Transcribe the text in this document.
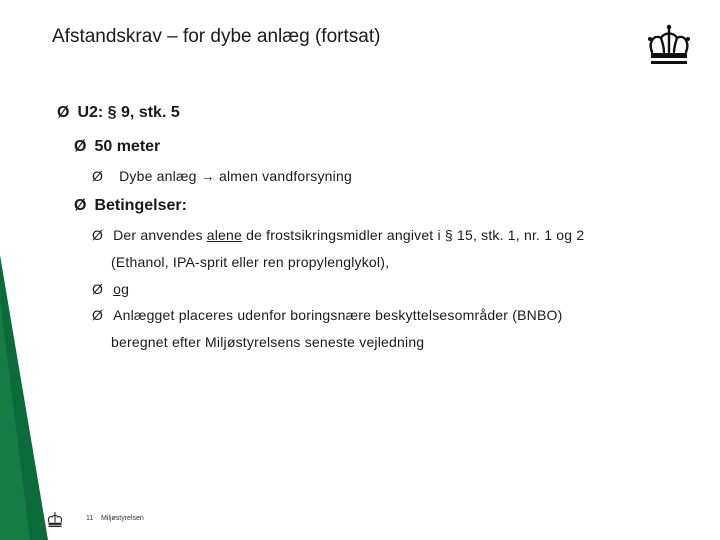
Afstandskrav – for dybe anlæg (fortsat)
Ø U2: § 9, stk. 5
Ø 50 meter
Ø Dybe anlæg → almen vandforsyning
Ø Betingelser:
Ø Der anvendes alene de frostsikringsmidler angivet i § 15, stk. 1, nr. 1 og 2
(Ethanol, IPA-sprit eller ren propylenglykol),
Ø og
Ø Anlægget placeres udenfor boringsnære beskyttelsesområder (BNBO)
beregnet efter Miljøstyrelsens seneste vejledning
11 Miljøstyrelsen
